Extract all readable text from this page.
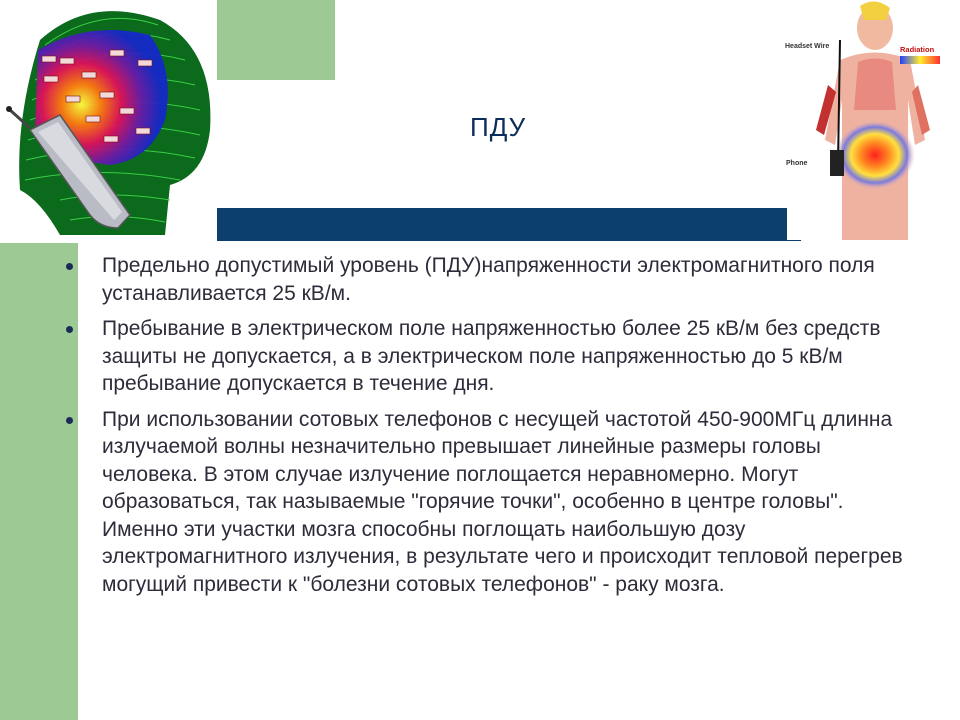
ПДУ
Headset Wire	Radiation
Phone
Предельно допустимый уровень (ПДУ)напряженности электромагнитного поля устанавливается 25 кВ/м.
Пребывание в электрическом поле напряженностью более 25 кВ/м без средств защиты не допускается, а в электрическом поле напряженностью до 5 кВ/м пребывание допускается в течение дня.
При использовании сотовых телефонов с несущей частотой 450-900МГц длинна излучаемой волны незначительно превышает линейные размеры головы человека. В этом случае излучение поглощается неравномерно. Могут образоваться, так называемые "горячие точки", особенно в центре головы". Именно эти участки мозга способны поглощать наибольшую дозу электромагнитного излучения, в результате чего и происходит тепловой перегрев могущий привести к "болезни сотовых телефонов" - раку мозга.
